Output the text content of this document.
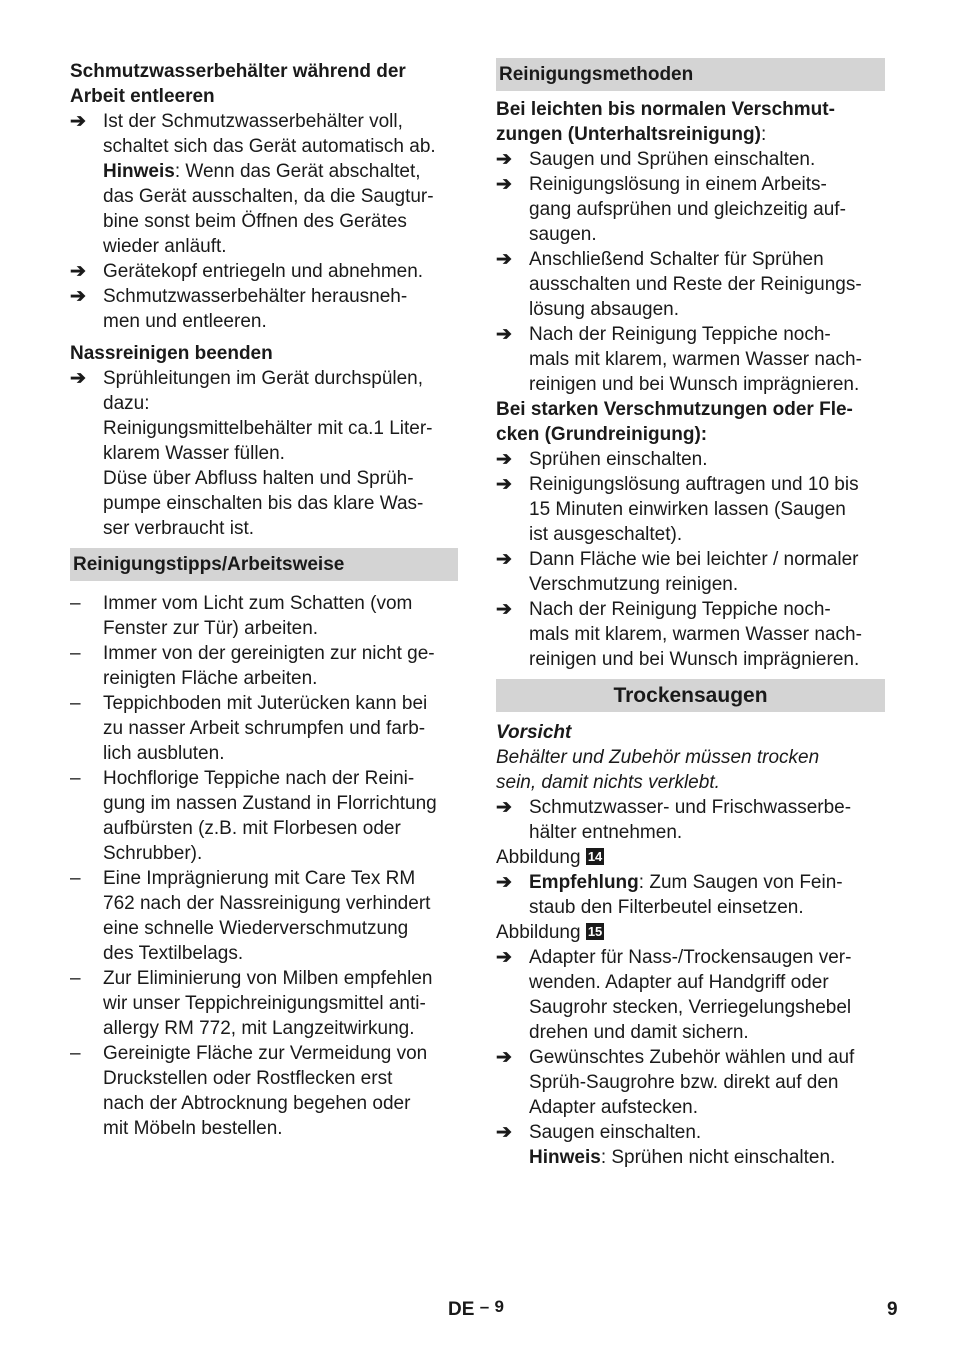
Schmutzwasserbehälter während der
Arbeit entleeren
➔ Ist der Schmutzwasserbehälter voll,
schaltet sich das Gerät automatisch ab.
Hinweis: Wenn das Gerät abschaltet,
das Gerät ausschalten, da die Saugtur-
bine sonst beim Öffnen des Gerätes
wieder anläuft.
➔ Gerätekopf entriegeln und abnehmen.
➔ Schmutzwasserbehälter herausneh-
men und entleeren.
Nassreinigen beenden
➔ Sprühleitungen im Gerät durchspülen,
dazu:
Reinigungsmittelbehälter mit ca.1 Liter-
klarem Wasser füllen.
Düse über Abfluss halten und Sprüh-
pumpe einschalten bis das klare Was-
ser verbraucht ist.
Reinigungstipps/Arbeitsweise
–	Immer vom Licht zum Schatten (vom
Fenster zur Tür) arbeiten.
–	Immer von der gereinigten zur nicht ge-
reinigten Fläche arbeiten.
–	Teppichboden mit Juterücken kann bei
zu nasser Arbeit schrumpfen und farb-
lich ausbluten.
–	Hochflorige Teppiche nach der Reini-
gung im nassen Zustand in Florrichtung
aufbürsten (z.B. mit Florbesen oder
Schrubber).
–	Eine Imprägnierung mit Care Tex RM
762 nach der Nassreinigung verhindert
eine schnelle Wiederverschmutzung
des Textilbelags.
–	Zur Eliminierung von Milben empfehlen
wir unser Teppichreinigungsmittel anti-
allergy RM 772, mit Langzeitwirkung.
–	Gereinigte Fläche zur Vermeidung von
Druckstellen oder Rostflecken erst
nach der Abtrocknung begehen oder
mit Möbeln bestellen.
Reinigungsmethoden
Bei leichten bis normalen Verschmut-
zungen (Unterhaltsreinigung):
➔ Saugen und Sprühen einschalten.
➔ Reinigungslösung in einem Arbeits-
gang aufsprühen und gleichzeitig auf-
saugen.
➔ Anschließend Schalter für Sprühen
ausschalten und Reste der Reinigungs-
lösung absaugen.
➔ Nach der Reinigung Teppiche noch-
mals mit klarem, warmen Wasser nach-
reinigen und bei Wunsch imprägnieren.
Bei starken Verschmutzungen oder Fle-
cken (Grundreinigung):
➔ Sprühen einschalten.
➔ Reinigungslösung auftragen und 10 bis
15 Minuten einwirken lassen (Saugen
ist ausgeschaltet).
➔ Dann Fläche wie bei leichter / normaler
Verschmutzung reinigen.
➔ Nach der Reinigung Teppiche noch-
mals mit klarem, warmen Wasser nach-
reinigen und bei Wunsch imprägnieren.
Trockensaugen
Vorsicht
Behälter und Zubehör müssen trocken
sein, damit nichts verklebt.
➔ Schmutzwasser- und Frischwasserbe-
hälter entnehmen.
Abbildung 14
➔ Empfehlung: Zum Saugen von Fein-
staub den Filterbeutel einsetzen.
Abbildung 15
➔ Adapter für Nass-/Trockensaugen ver-
wenden. Adapter auf Handgriff oder
Saugrohr stecken, Verriegelungshebel
drehen und damit sichern.
➔ Gewünschtes Zubehör wählen und auf
Sprüh-Saugrohre bzw. direkt auf den
Adapter aufstecken.
➔ Saugen einschalten.
Hinweis: Sprühen nicht einschalten.
DE – 9	9
